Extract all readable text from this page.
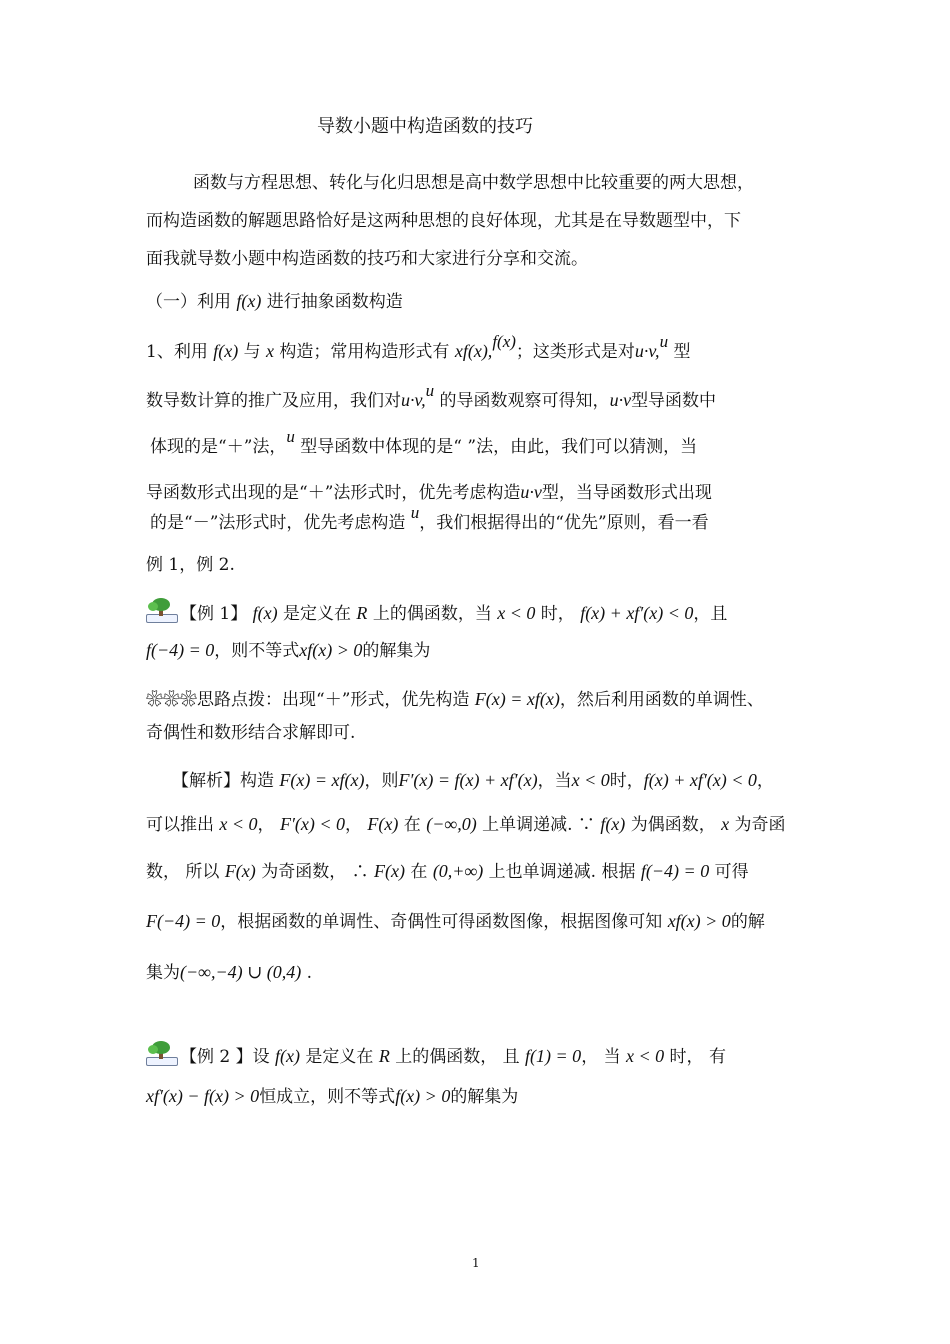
导数小题中构造函数的技巧
函数与方程思想、转化与化归思想是高中数学思想中比较重要的两大思想，
而构造函数的解题思路恰好是这两种思想的良好体现，尤其是在导数题型中，下
面我就导数小题中构造函数的技巧和大家进行分享和交流。
（一）利用 f(x) 进行抽象函数构造
1、利用 f(x) 与 x 构造；常用构造形式有 xf(x),f(x)；这类形式是对u·v,u 型
数导数计算的推广及应用，我们对u·v,u 的导函数观察可得知，u·v型导函数中
体现的是“＋”法，u 型导函数中体现的是“ ”法，由此，我们可以猜测，当
导函数形式出现的是“＋”法形式时，优先考虑构造u·v型，当导函数形式出现
的是“－”法形式时，优先考虑构造 u，我们根据得出的“优先”原则，看一看
例 1，例 2.
【例 1】 f(x) 是定义在 R 上的偶函数，当 x < 0 时， f(x) + xf′(x) < 0，且
f(−4) = 0，则不等式xf(x) > 0的解集为
❀❀❀思路点拨：出现“＋”形式，优先构造 F(x) = xf(x)，然后利用函数的单调性、
奇偶性和数形结合求解即可.
【解析】构造 F(x) = xf(x)，则F′(x) = f(x) + xf′(x)，当x < 0时，f(x) + xf′(x) < 0，
可以推出 x < 0， F′(x) < 0， F(x) 在 (−∞,0) 上单调递减. ∵ f(x) 为偶函数， x 为奇函
数， 所以 F(x) 为奇函数， ∴ F(x) 在 (0,+∞) 上也单调递减. 根据 f(−4) = 0 可得
F(−4) = 0，根据函数的单调性、奇偶性可得函数图像，根据图像可知 xf(x) > 0的解
集为(−∞,−4) ∪ (0,4) .
【例 2 】设 f(x) 是定义在 R 上的偶函数， 且 f(1) = 0， 当 x < 0 时， 有
xf′(x) − f(x) > 0恒成立，则不等式f(x) > 0的解集为
1
